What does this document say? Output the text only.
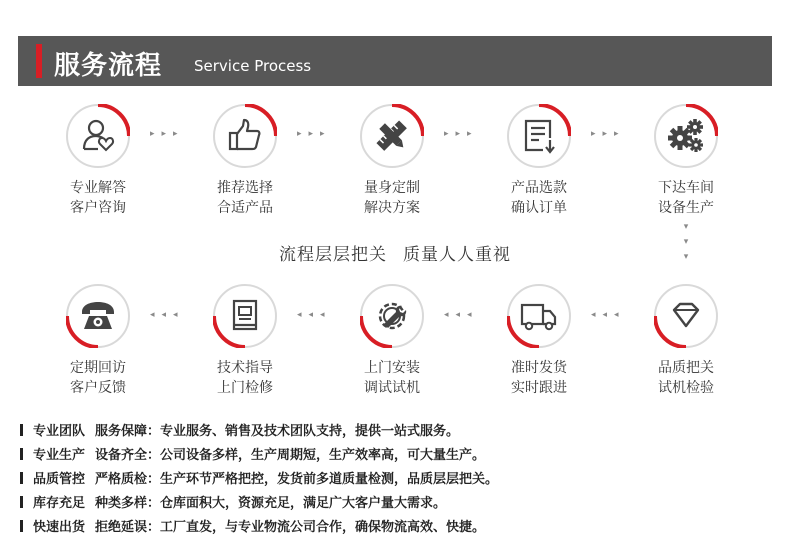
服务流程 Service Process
专业解答
客户咨询
推荐选择
合适产品
量身定制
解决方案
产品选款
确认订单
下达车间
设备生产
▸▸▸	▸▸▸	▸▸▸	▸▸▸
▾
▾
▾
流程层层把关 质量人人重视
定期回访
客户反馈
技术指导
上门检修
上门安装
调试试机
准时发货
实时跟进
品质把关
试机检验
◂◂◂	◂◂◂	◂◂◂	◂◂◂
专业团队 服务保障：专业服务、销售及技术团队支持，提供一站式服务。
专业生产 设备齐全：公司设备多样，生产周期短，生产效率高，可大量生产。
品质管控 严格质检：生产环节严格把控，发货前多道质量检测，品质层层把关。
库存充足 种类多样：仓库面积大，资源充足，满足广大客户量大需求。
快速出货 拒绝延误：工厂直发，与专业物流公司合作，确保物流高效、快捷。
